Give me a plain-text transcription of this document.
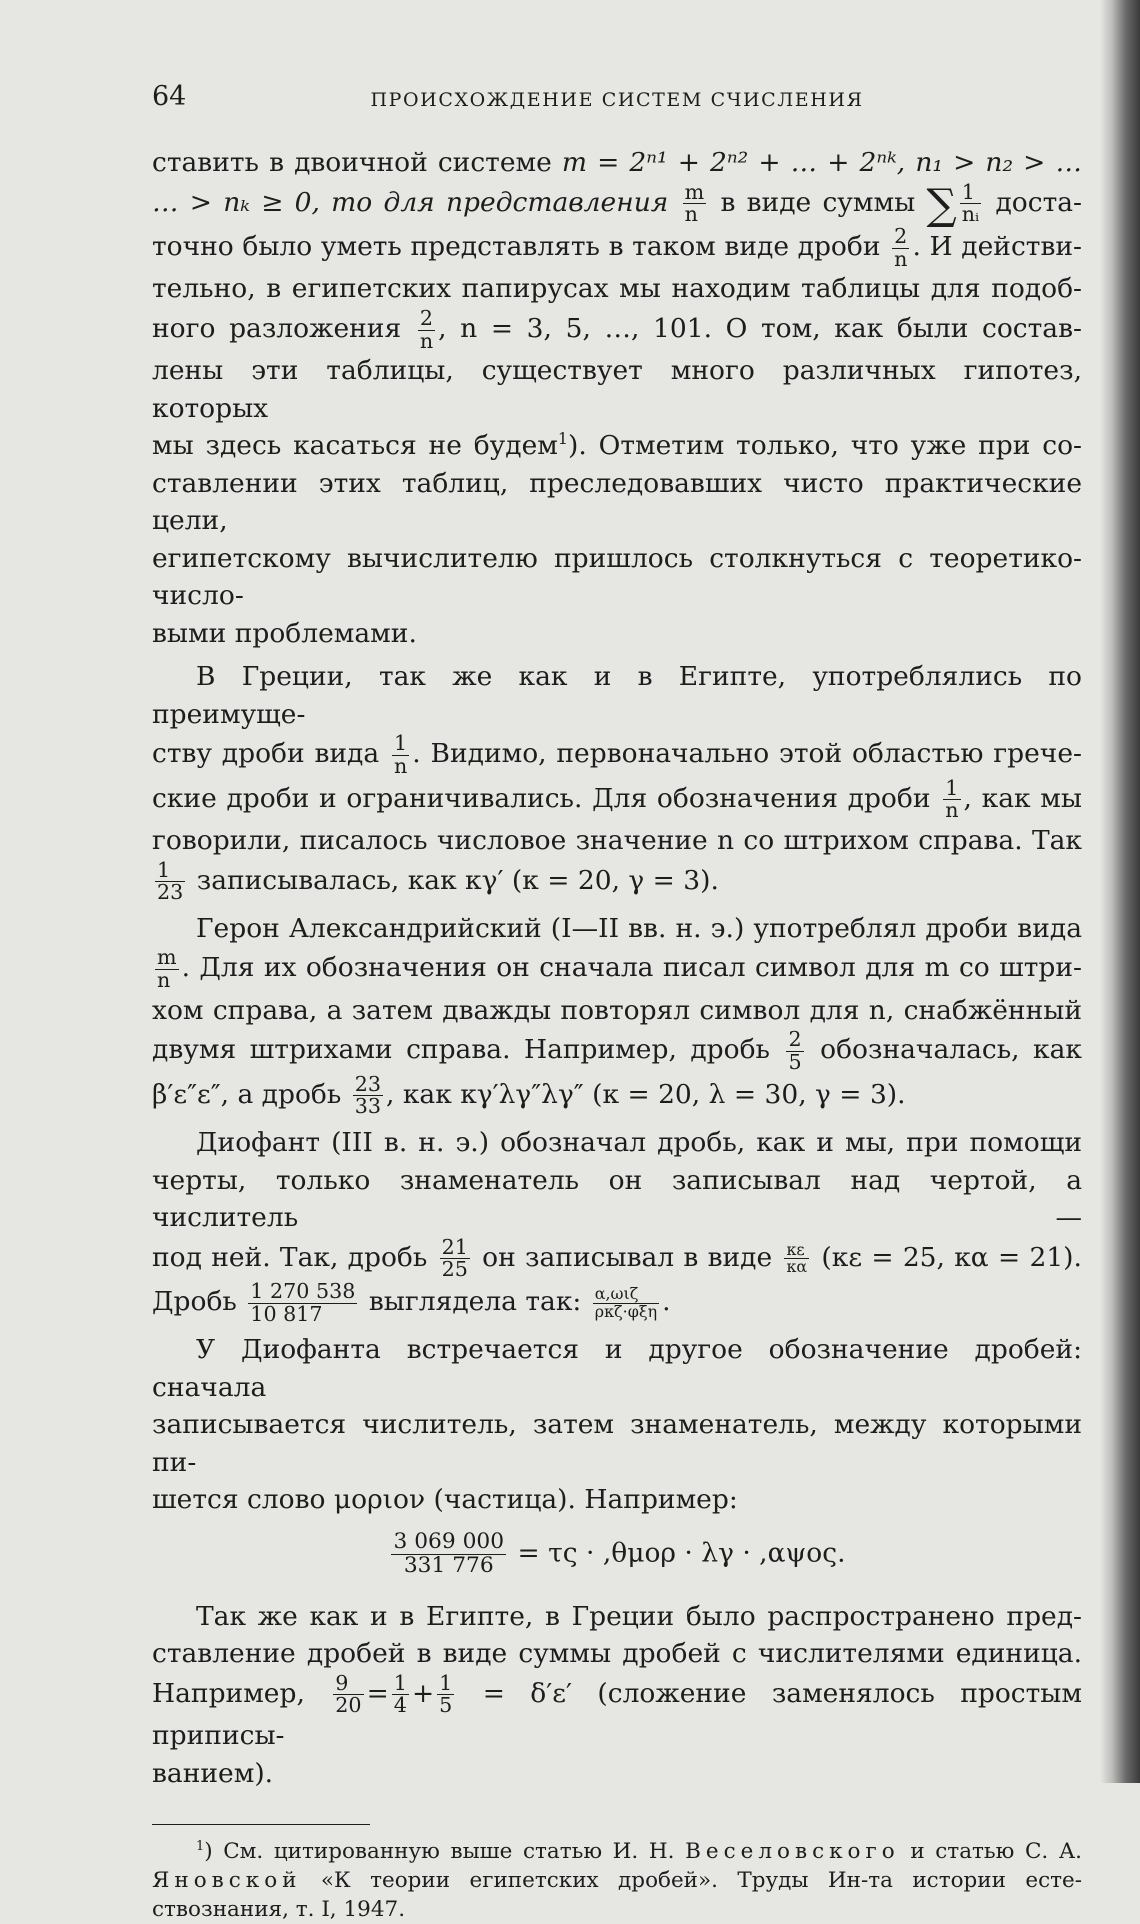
64	ПРОИСХОЖДЕНИЕ СИСТЕМ СЧИСЛЕНИЯ

ставить в двоичной системе m = 2ⁿ¹ + 2ⁿ² + … + 2ⁿᵏ, n₁ > n₂ > …
… > nₖ ≥ 0, то для представления $\frac{m}{n}$ в виде суммы ∑ $\frac{1}{\text{nᵢ}}$ доста-
точно было уметь представлять в таком виде дроби $\frac{2}{n}$ . И действи-
тельно, в египетских папирусах мы находим таблицы для подоб-
ного разложения $\frac{2}{n}$ , n = 3, 5, …, 101. О том, как были состав-
лены эти таблицы, существует много различных гипотез, которых
мы здесь касаться не будем$^1$). Отметим только, что уже при со-
ставлении этих таблиц, преследовавших чисто практические цели,
египетскому вычислителю пришлось столкнуться с теоретико-число-
выми проблемами.

В Греции, так же как и в Египте, употреблялись по преимуще-
ству дроби вида $\frac{1}{n}$ . Видимо, первоначально этой областью грече-
ские дроби и ограничивались. Для обозначения дроби $\frac{1}{n}$ , как мы
говорили, писалось числовое значение n со штрихом справа. Так
$\frac{1}{23}$ записывалась, как κγ′ (κ = 20, γ = 3).

Герон Александрийский (I—II вв. н. э.) употреблял дроби вида
$\frac{m}{n}$ . Для их обозначения он сначала писал символ для m со штри-
хом справа, а затем дважды повторял символ для n, снабжённый
двумя штрихами справа. Например, дробь $\frac{2}{5}$ обозначалась, как
β′ε″ε″, а дробь $\frac{23}{33}$ , как κγ′λγ″λγ″ (κ = 20, λ = 30, γ = 3).

Диофант (III в. н. э.) обозначал дробь, как и мы, при помощи
черты, только знаменатель он записывал над чертой, а числитель —
под ней. Так, дробь $\frac{21}{25}$ он записывал в виде $\frac{\kappa\varepsilon}{\kappa\alpha} (\kappa\varepsilon = 25$, κα = 21).
Дробь $\frac{1 270 538}{10 817}$ выглядела так: $\frac{\text{α,ωιζ}}{\text{ρκζ·φξη}}$ .

У Диофанта встречается и другое обозначение дробей: сначала
записывается числитель, затем знаменатель, между которыми пи-
шется слово μοριον (частица). Например:

$\frac{3 069 000}{331 776} = \tau\varsigma \cdot ,\theta\mu o\rho \cdot \lambda\gamma \cdot ,\alpha\psi o\varsigma$.

Так же как и в Египте, в Греции было распространено пред-
ставление дробей в виде суммы дробей с числителями единица.
Например, $\frac{9}{20} = \frac{1}{4} + \frac{1}{5} = \delta'\varepsilon'$ (сложение заменялось простым приписы-
ванием).

$^1$) См. цитированную выше статью И. Н. Веселовского и статью С. А. Яновской «К теории египетских дробей». Труды Ин-та истории есте- ствознания, т. I, 1947.
